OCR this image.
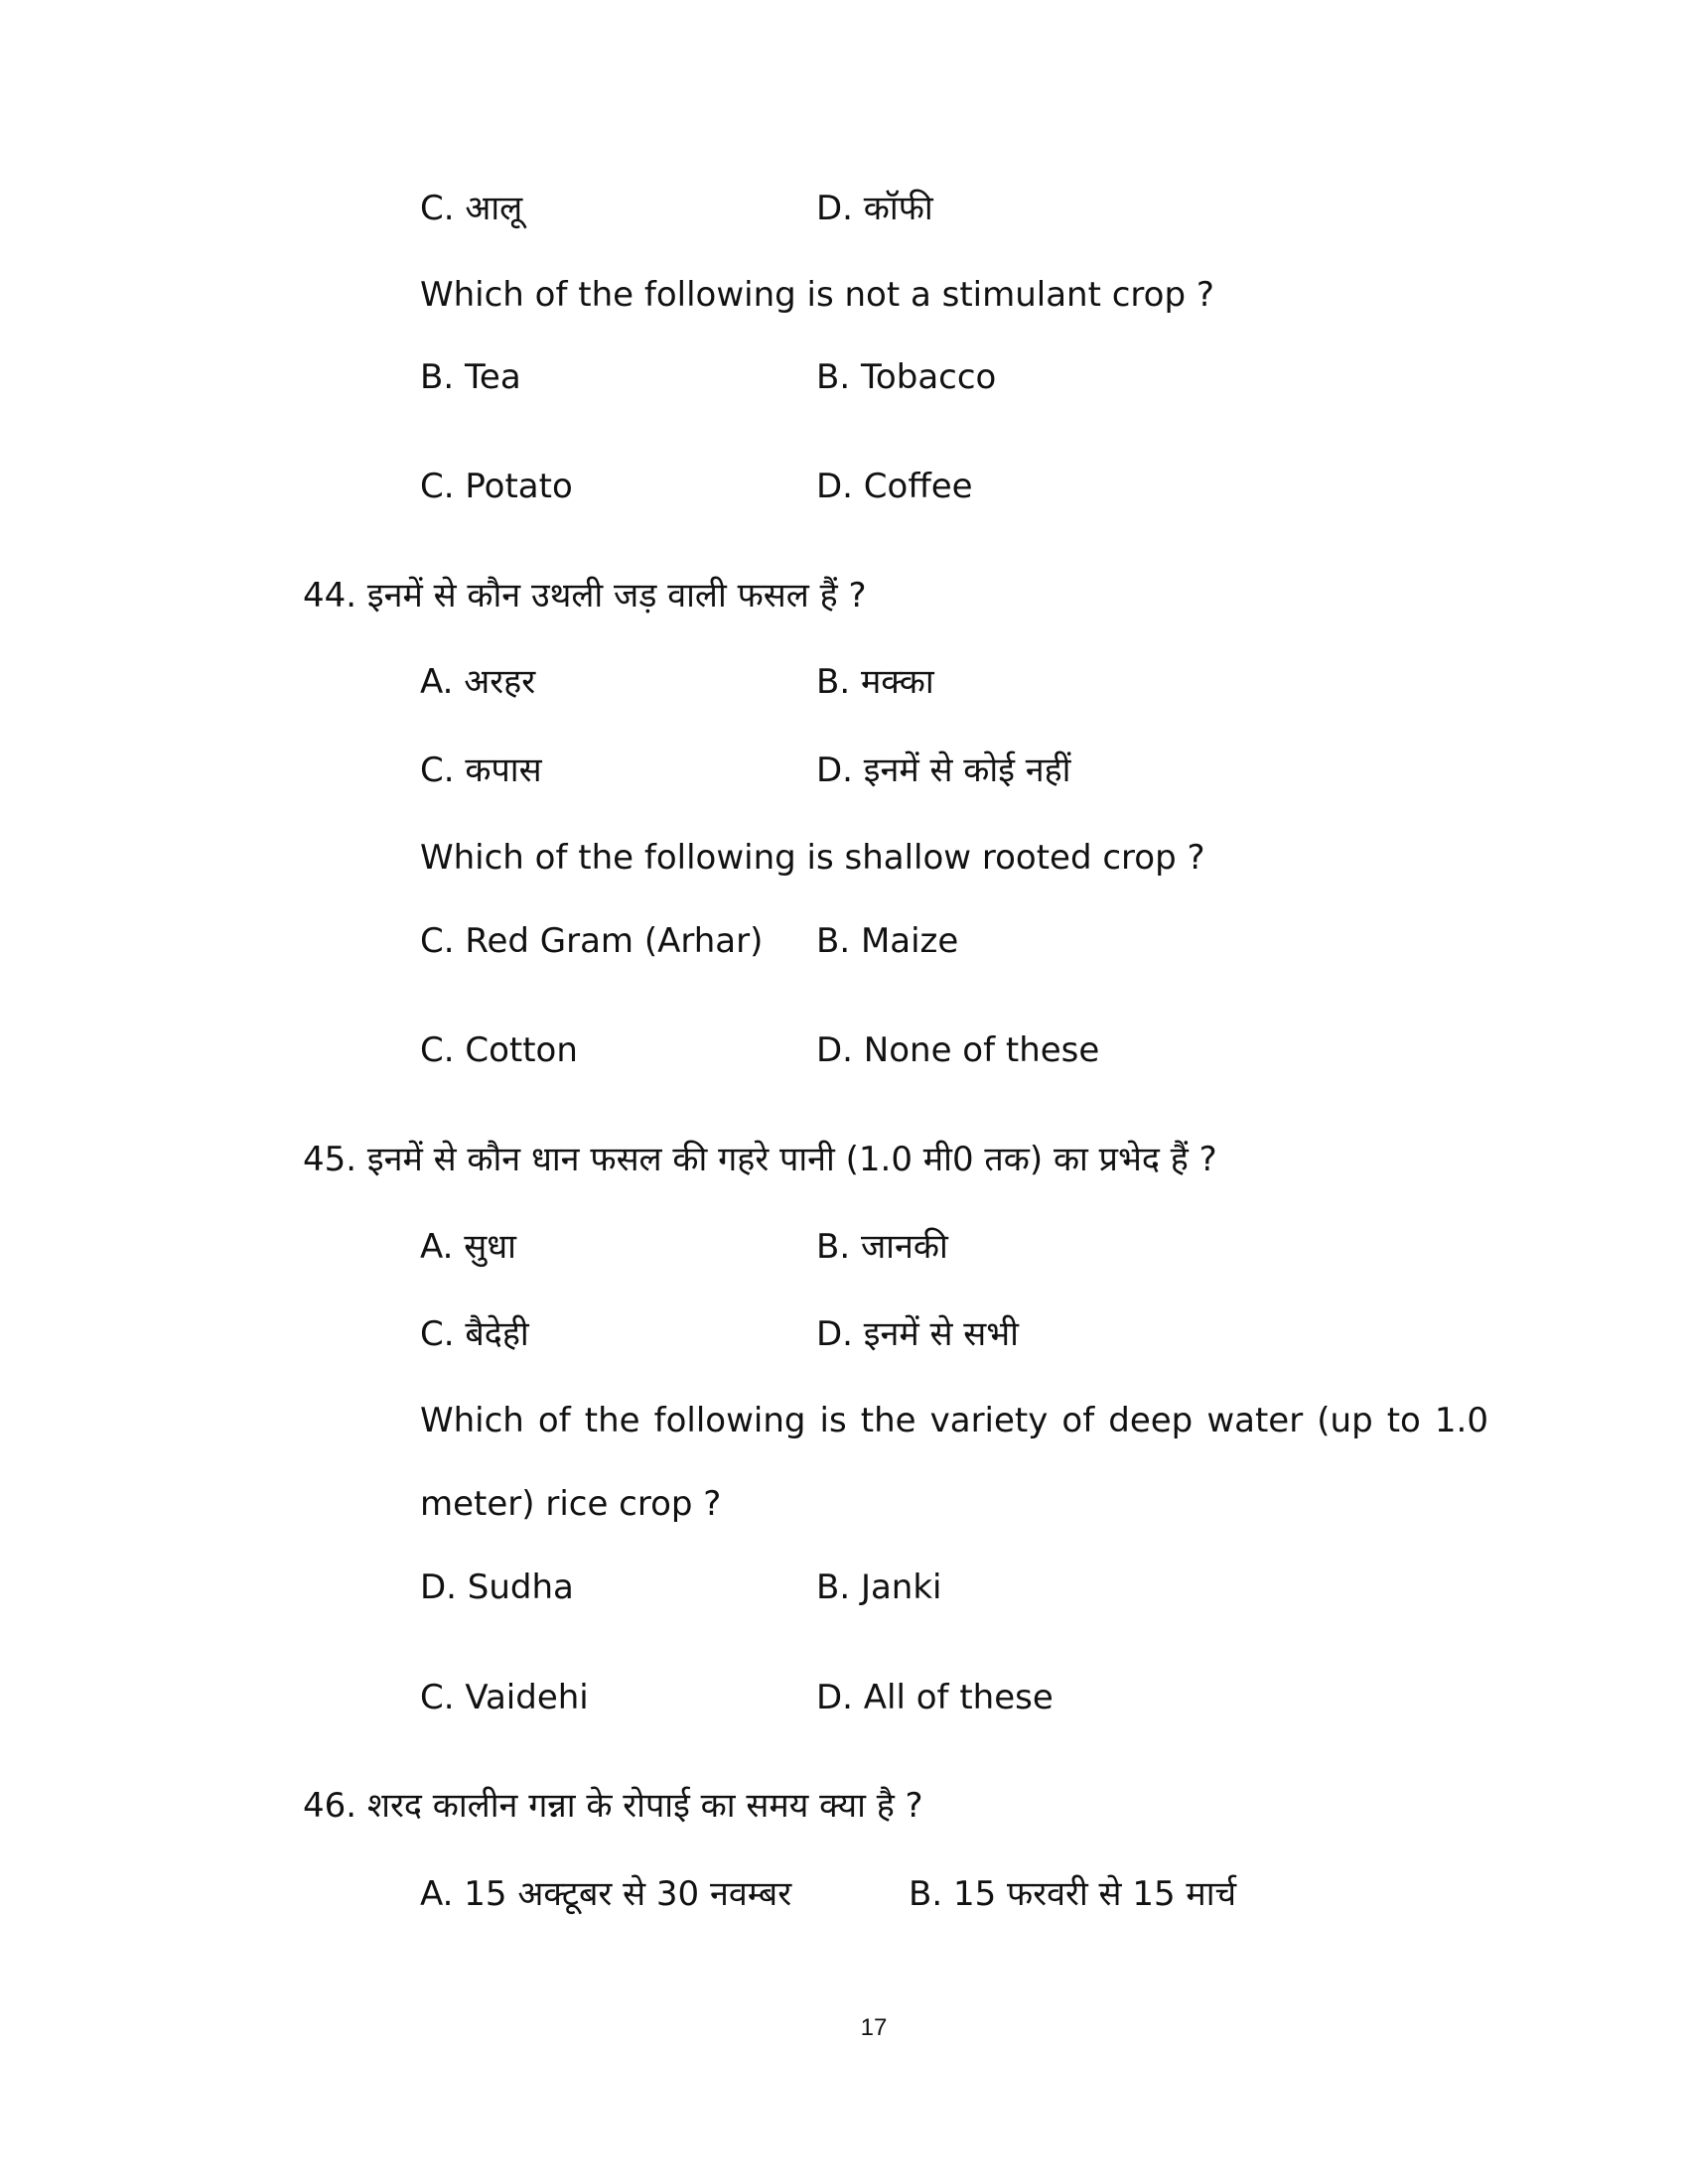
C. आलू	D. कॉफी
Which of the following is not a stimulant crop ?
B. Tea	B. Tobacco
C. Potato	D. Coffee
44. इनमें से कौन उथली जड़ वाली फसल हैं ?
A. अरहर	B. मक्का
C. कपास	D. इनमें से कोई नहीं
Which of the following is shallow rooted crop ?
C. Red Gram (Arhar) B. Maize
C. Cotton	D. None of these
45. इनमें से कौन धान फसल की गहरे पानी (1.0 मी0 तक) का प्रभेद हैं ?
A. सुधा	B. जानकी
C. बैदेही	D. इनमें से सभी
Which of the following is the variety of deep water (up to 1.0
meter) rice crop ?
D. Sudha	B. Janki
C. Vaidehi	D. All of these
46. शरद कालीन गन्ना के रोपाई का समय क्या है ?
A. 15 अक्टूबर से 30 नवम्बर	B. 15 फरवरी से 15 मार्च
17
